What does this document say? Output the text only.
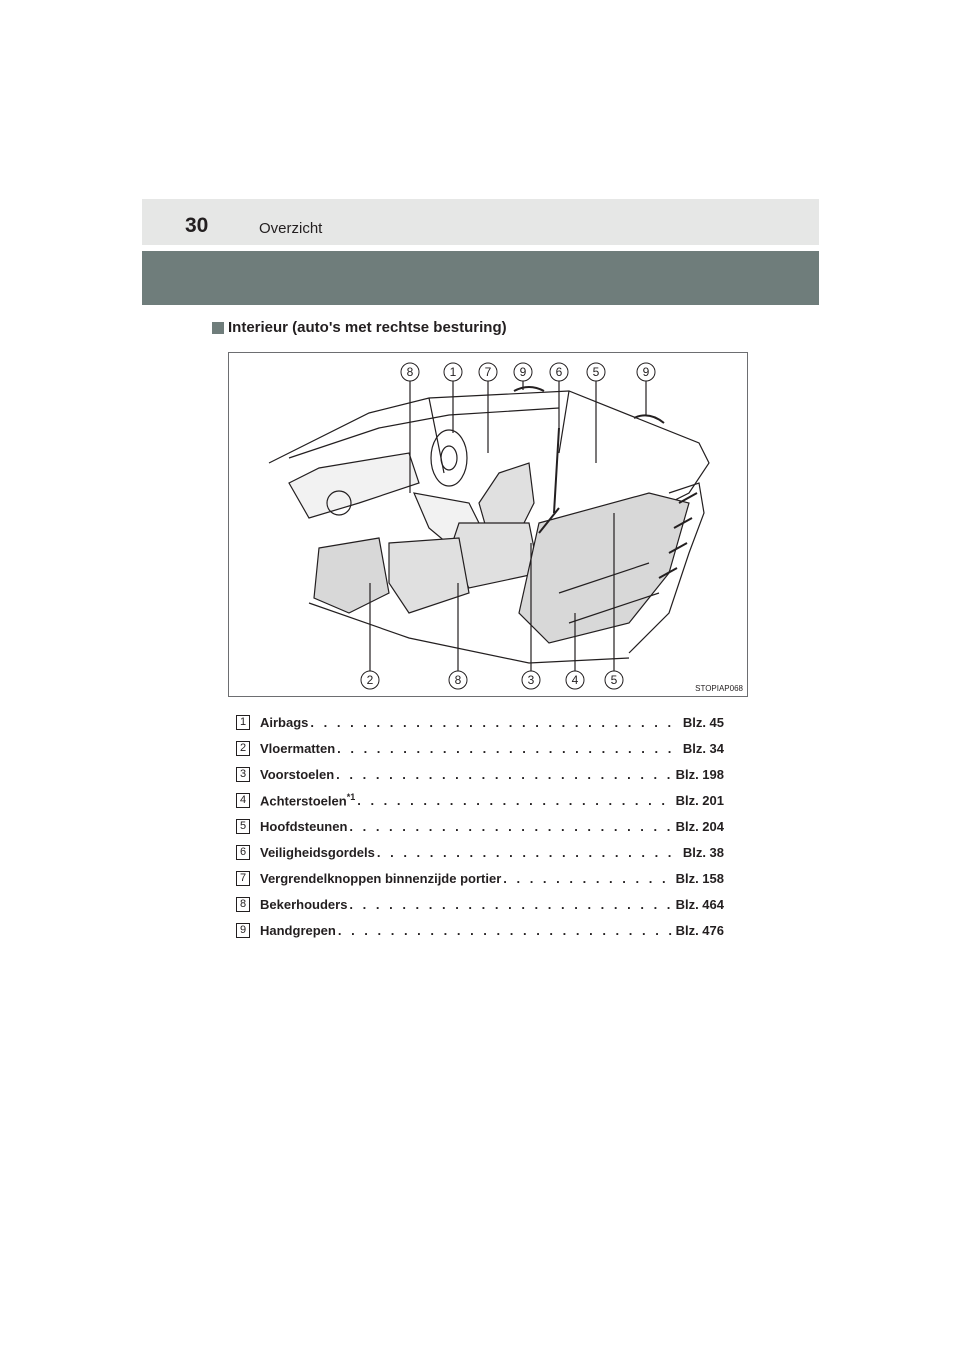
30	Overzicht
Interieur (auto's met rechtse besturing)
8	1 7 9 6	5	9
2	8	3	4	5
STOPIAP068
1	Airbags . . .	Blz. 45
2	Vloermatten . . .	Blz. 34
3	Voorstoelen . . .	Blz. 198
4	Achterstoelen$^{*1}$ . . .	Blz. 201
5	Hoofdsteunen . . .	Blz. 204
6	Veiligheidsgordels . . .	Blz. 38
7	Vergrendelknoppen binnenzijde portier . . .	Blz. 158
8	Bekerhouders . . .	Blz. 464
9	Handgrepen . . .	Blz. 476
